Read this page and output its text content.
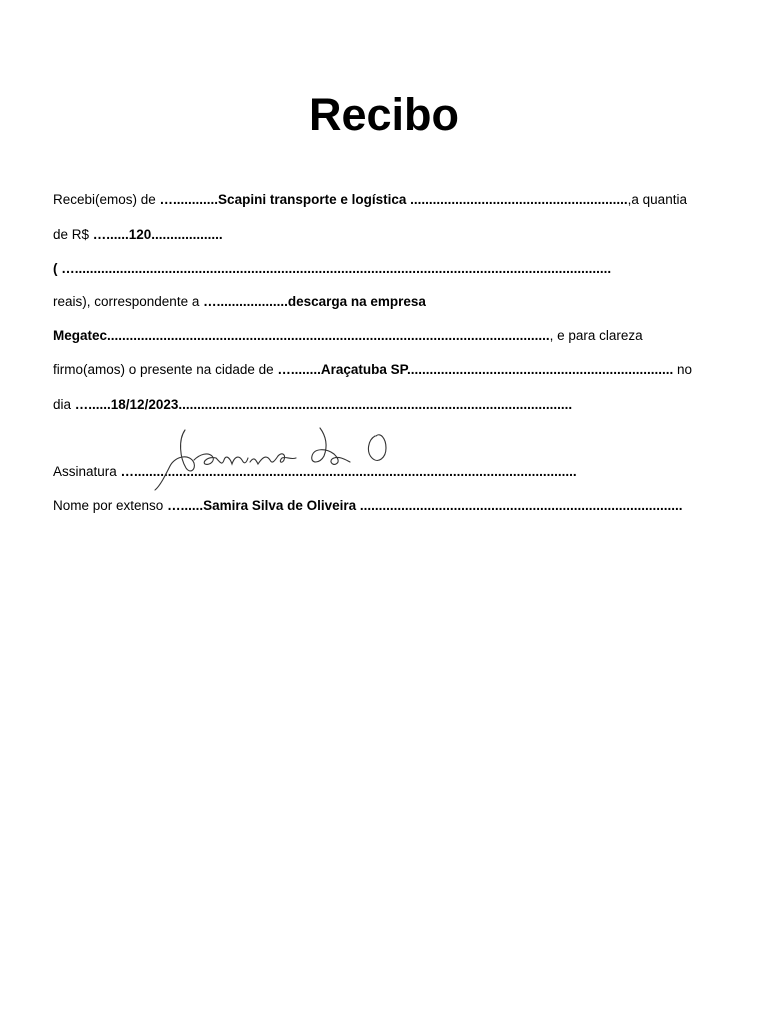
Recibo
Recebi(emos) de …............Scapini transporte e logística ..........................................................,a quantia
de R$ …......120...................
( …...............................................................................................................................................
reais), correspondente a …...................descarga na empresa
Megatec......................................................................................................................, e para clareza
firmo(amos) o presente na cidade de …........Araçatuba SP....................................................................... no
dia …......18/12/2023.........................................................................................................
Assinatura …......................................................................................................................
Nome por extenso …......Samira Silva de Oliveira ......................................................................................
